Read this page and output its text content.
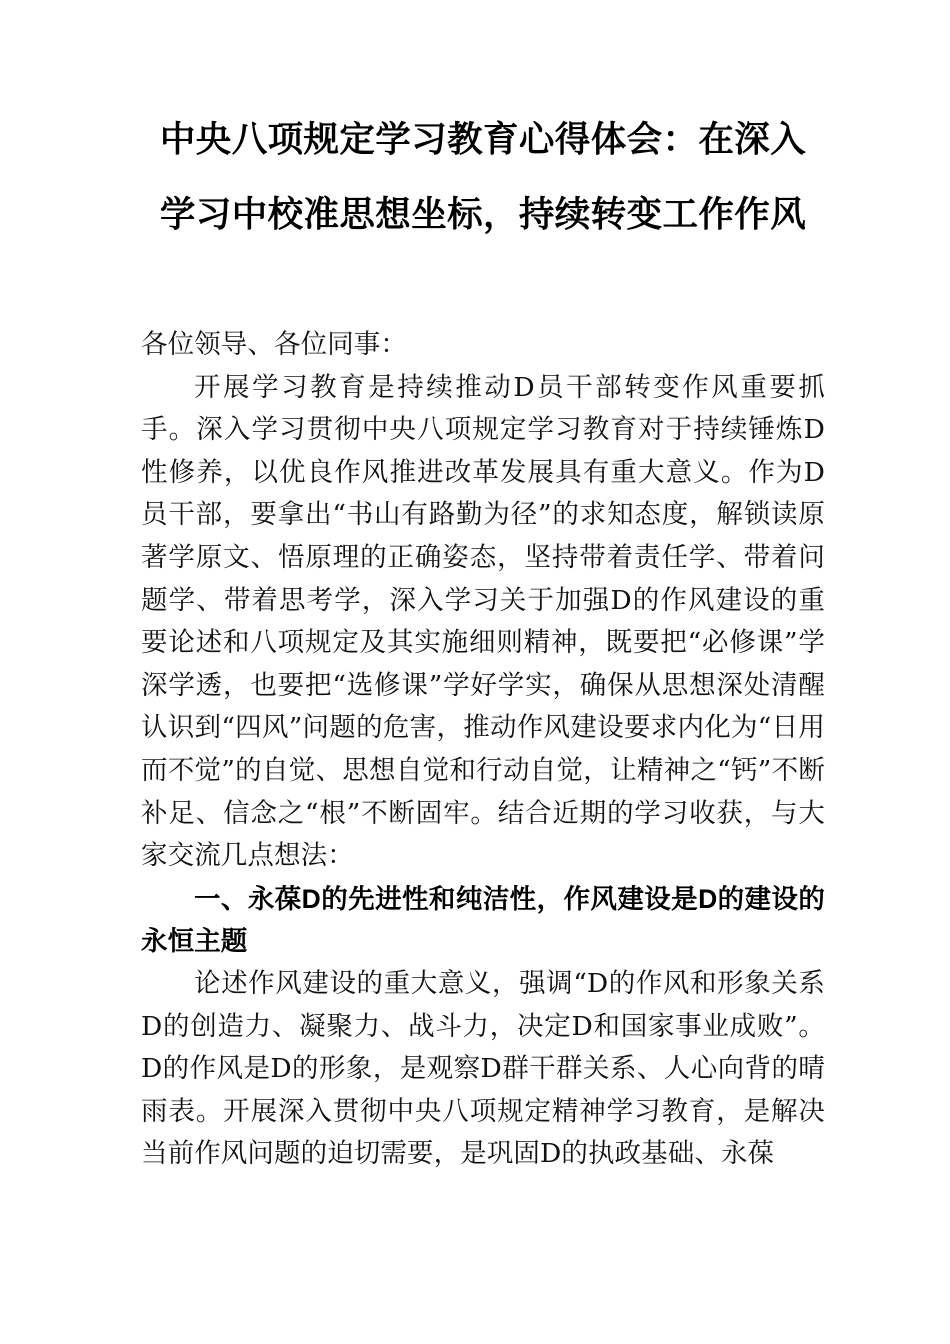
中央八项规定学习教育心得体会：在深入
学习中校准思想坐标，持续转变工作作风

各位领导、各位同事：

开展学习教育是持续推动D员干部转变作风重要抓手。深入学习贯彻中央八项规定学习教育对于持续锤炼D性修养，以优良作风推进改革发展具有重大意义。作为D员干部，要拿出“书山有路勤为径”的求知态度，解锁读原著学原文、悟原理的正确姿态，坚持带着责任学、带着问题学、带着思考学，深入学习关于加强D的作风建设的重要论述和八项规定及其实施细则精神，既要把“必修课”学深学透，也要把“选修课”学好学实，确保从思想深处清醒认识到“四风”问题的危害，推动作风建设要求内化为“日用而不觉”的自觉、思想自觉和行动自觉，让精神之“钙”不断补足、信念之“根”不断固牢。结合近期的学习收获，与大家交流几点想法：

一、永葆D的先进性和纯洁性，作风建设是D的建设的永恒主题

论述作风建设的重大意义，强调“D的作风和形象关系D的创造力、凝聚力、战斗力，决定D和国家事业成败”。D的作风是D的形象，是观察D群干群关系、人心向背的晴雨表。开展深入贯彻中央八项规定精神学习教育，是解决当前作风问题的迫切需要，是巩固D的执政基础、永葆
